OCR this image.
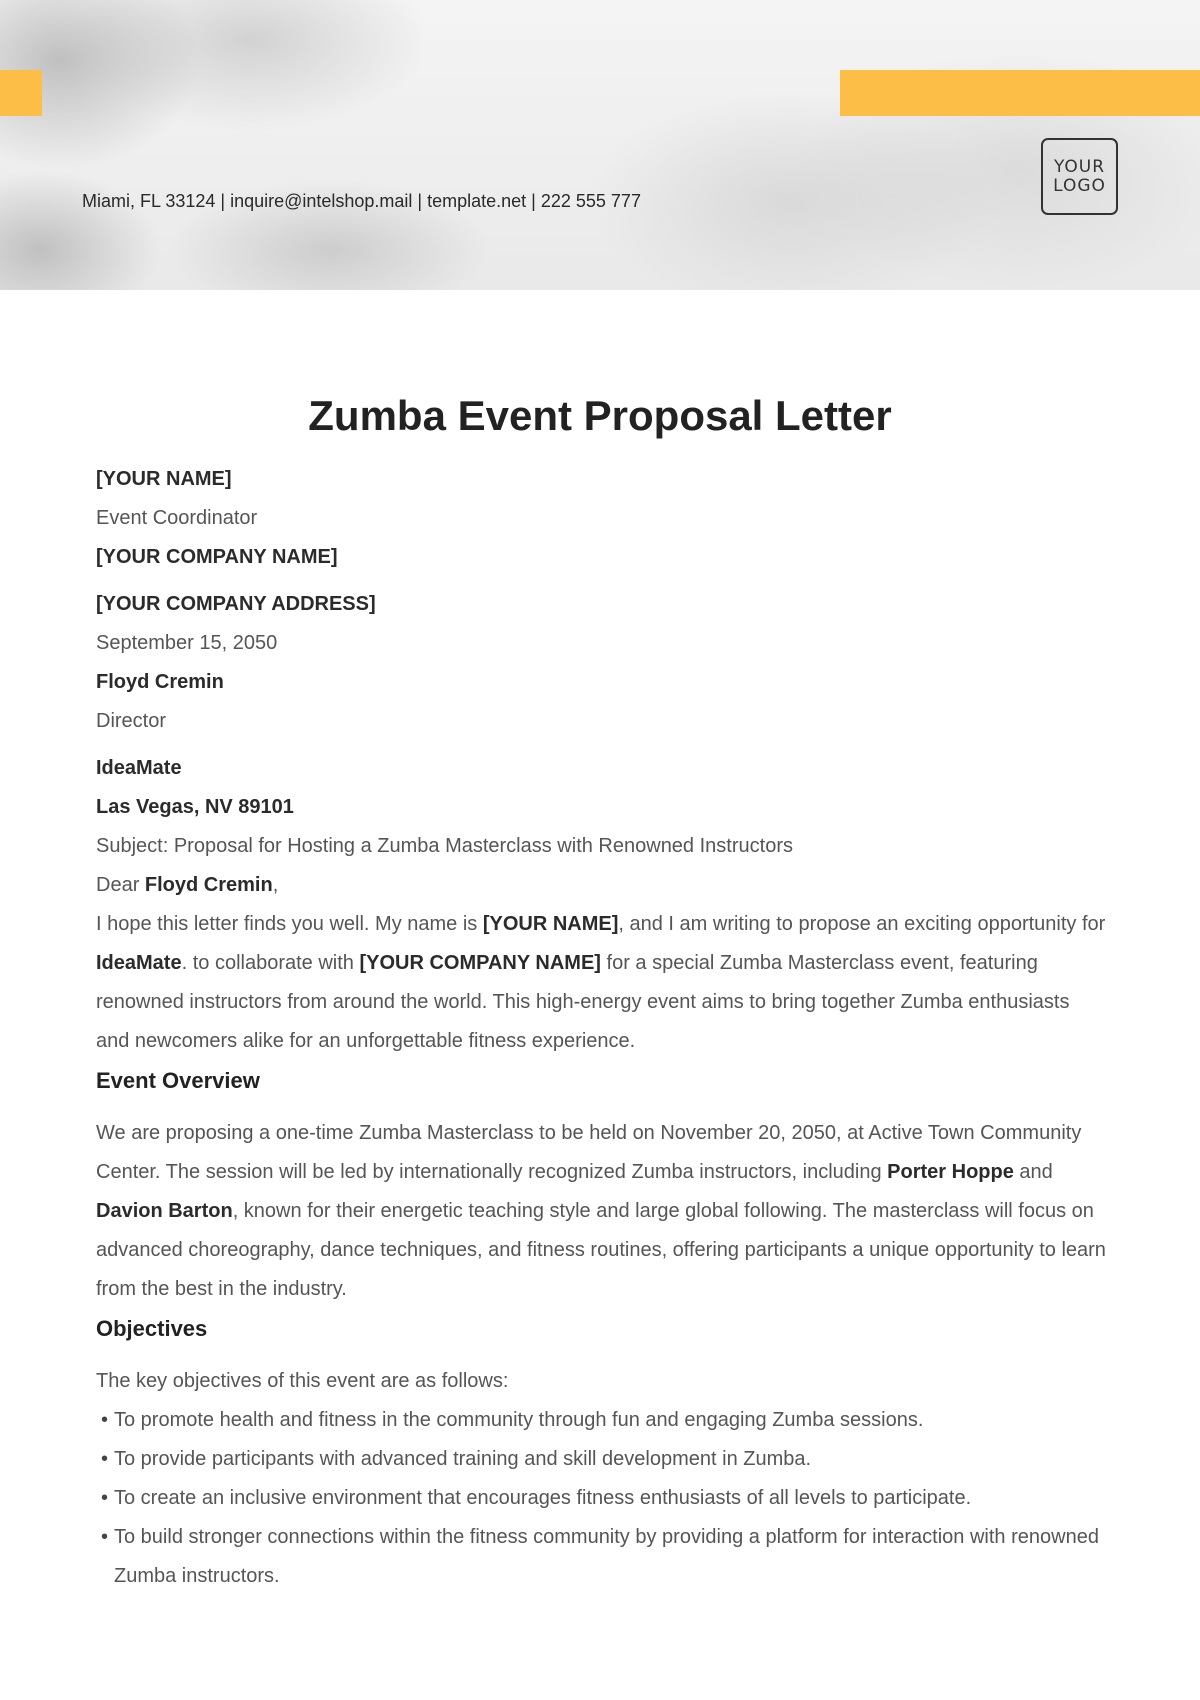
Miami, FL 33124 | inquire@intelshop.mail | template.net | 222 555 777
YOUR
LOGO
Zumba Event Proposal Letter

[YOUR NAME]

Event Coordinator

[YOUR COMPANY NAME]

[YOUR COMPANY ADDRESS]

September 15, 2050

Floyd Cremin

Director

IdeaMate

Las Vegas, NV 89101

Subject: Proposal for Hosting a Zumba Masterclass with Renowned Instructors

Dear Floyd Cremin,

I hope this letter finds you well. My name is [YOUR NAME], and I am writing to propose an exciting opportunity for IdeaMate. to collaborate with [YOUR COMPANY NAME] for a special Zumba Masterclass event, featuring renowned instructors from around the world. This high-energy event aims to bring together Zumba enthusiasts and newcomers alike for an unforgettable fitness experience.

Event Overview

We are proposing a one-time Zumba Masterclass to be held on November 20, 2050, at Active Town Community Center. The session will be led by internationally recognized Zumba instructors, including Porter Hoppe and Davion Barton, known for their energetic teaching style and large global following. The masterclass will focus on advanced choreography, dance techniques, and fitness routines, offering participants a unique opportunity to learn from the best in the industry.

Objectives

The key objectives of this event are as follows:

• To promote health and fitness in the community through fun and engaging Zumba sessions.
• To provide participants with advanced training and skill development in Zumba.
• To create an inclusive environment that encourages fitness enthusiasts of all levels to participate.
• To build stronger connections within the fitness community by providing a platform for interaction with renowned Zumba instructors.
